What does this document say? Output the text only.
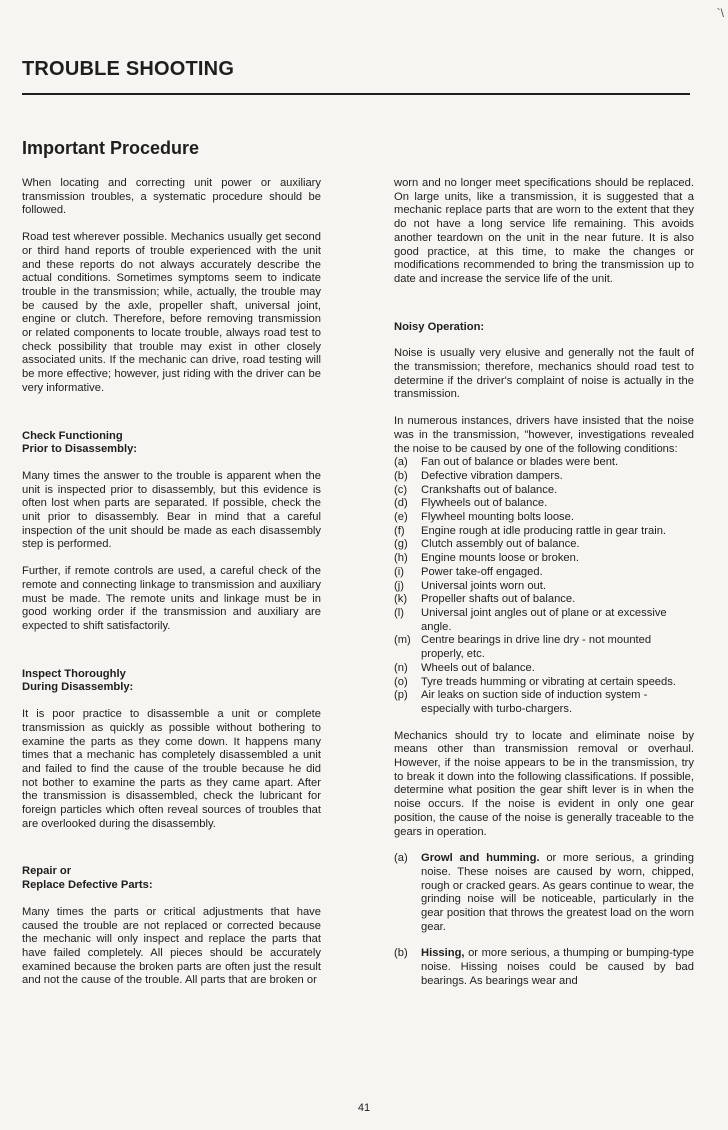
`\
TROUBLE SHOOTING
Important Procedure

When locating and correcting unit power or auxiliary transmission troubles, a systematic procedure should be followed.

Road test wherever possible. Mechanics usually get second or third hand reports of trouble experienced with the unit and these reports do not always accurately describe the actual conditions. Sometimes symptoms seem to indicate trouble in the transmission; while, actually, the trouble may be caused by the axle, propeller shaft, universal joint, engine or clutch. Therefore, before removing transmission or related components to locate trouble, always road test to check possibility that trouble may exist in other closely associated units. If the mechanic can drive, road testing will be more effective; however, just riding with the driver can be very informative.

Check Functioning
Prior to Disassembly:

Many times the answer to the trouble is apparent when the unit is inspected prior to disassembly, but this evidence is often lost when parts are separated. If possible, check the unit prior to disassembly. Bear in mind that a careful inspection of the unit should be made as each disassembly step is performed.

Further, if remote controls are used, a careful check of the remote and connecting linkage to transmission and auxiliary must be made. The remote units and linkage must be in good working order if the transmission and auxiliary are expected to shift satisfactorily.

Inspect Thoroughly
During Disassembly:

It is poor practice to disassemble a unit or complete transmission as quickly as possible without bothering to examine the parts as they come down. It happens many times that a mechanic has completely disassembled a unit and failed to find the cause of the trouble because he did not bother to examine the parts as they came apart. After the transmission is disassembled, check the lubricant for foreign particles which often reveal sources of troubles that are overlooked during the disassembly.

Repair or
Replace Defective Parts:

Many times the parts or critical adjustments that have caused the trouble are not replaced or corrected because the mechanic will only inspect and replace the parts that have failed completely. All pieces should be accurately examined because the broken parts are often just the result and not the cause of the trouble. All parts that are broken or

worn and no longer meet specifications should be replaced. On large units, like a transmission, it is suggested that a mechanic replace parts that are worn to the extent that they do not have a long service life remaining. This avoids another teardown on the unit in the near future. It is also good practice, at this time, to make the changes or modifications recommended to bring the transmission up to date and increase the service life of the unit.

Noisy Operation:

Noise is usually very elusive and generally not the fault of the transmission; therefore, mechanics should road test to determine if the driver's complaint of noise is actually in the transmission.

In numerous instances, drivers have insisted that the noise was in the transmission, "however, investigations revealed the noise to be caused by one of the following conditions:

(a)	Fan out of balance or blades were bent.
(b)	Defective vibration dampers.
(c)	Crankshafts out of balance.
(d)	Flywheels out of balance.
(e)	Flywheel mounting bolts loose.
(f)	Engine rough at idle producing rattle in gear train.
(g)	Clutch assembly out of balance.
(h)	Engine mounts loose or broken.
(i)	Power take-off engaged.
(j)	Universal joints worn out.
(k)	Propeller shafts out of balance.
(l)	Universal joint angles out of plane or at excessive angle.
(m) Centre bearings in drive line dry - not mounted properly, etc.
(n)	Wheels out of balance.
(o)	Tyre treads humming or vibrating at certain speeds.
(p)	Air leaks on suction side of induction system - especially with turbo-chargers.

Mechanics should try to locate and eliminate noise by means other than transmission removal or overhaul. However, if the noise appears to be in the transmission, try to break it down into the following classifications. If possible, determine what position the gear shift lever is in when the noise occurs. If the noise is evident in only one gear position, the cause of the noise is generally traceable to the gears in operation.

(a)	Growl and humming. or more serious, a grinding noise. These noises are caused by worn, chipped, rough or cracked gears. As gears continue to wear, the grinding noise will be noticeable, particularly in the gear position that throws the greatest load on the worn gear.
(b)	Hissing, or more serious, a thumping or bumping-type noise. Hissing noises could be caused by bad bearings. As bearings wear and
41
